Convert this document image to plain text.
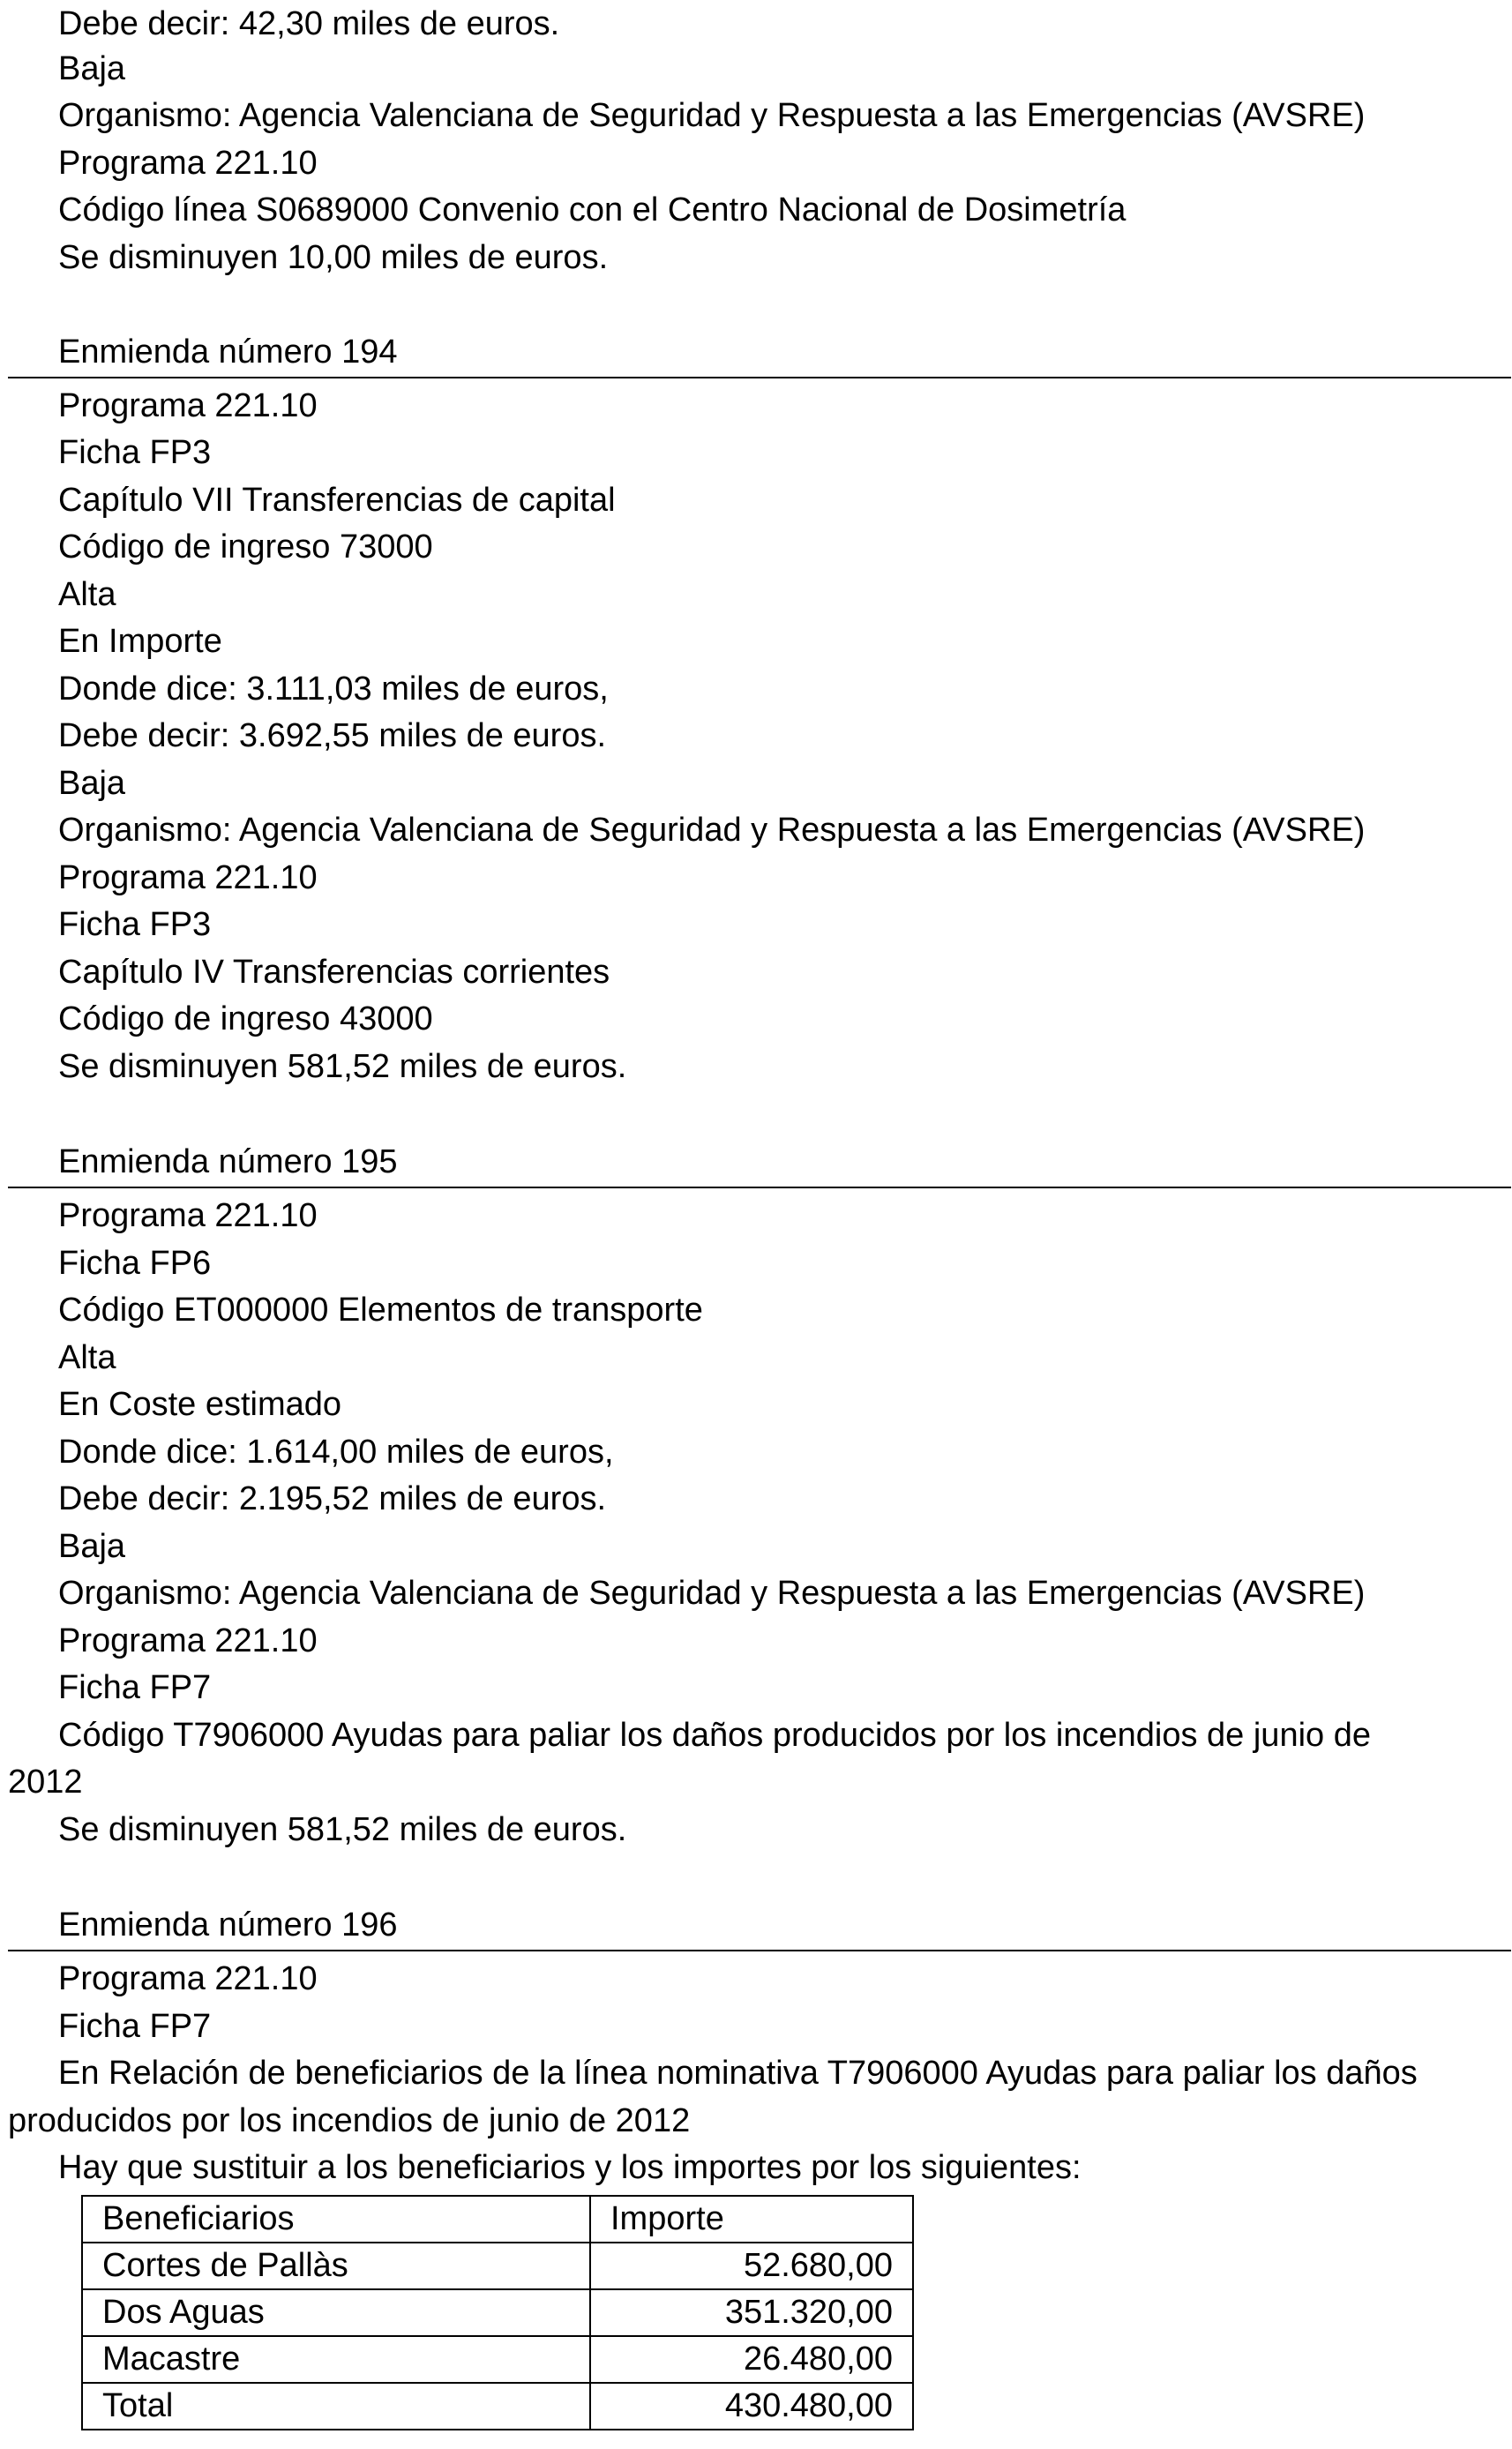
Debe decir: 42,30 miles de euros.
Baja
Organismo: Agencia Valenciana de Seguridad y Respuesta a las Emergencias (AVSRE)
Programa 221.10
Código línea S0689000 Convenio con el Centro Nacional de Dosimetría
Se disminuyen 10,00 miles de euros.
Enmienda número 194
Programa 221.10
Ficha FP3
Capítulo VII Transferencias de capital
Código de ingreso 73000
Alta
En Importe
Donde dice: 3.111,03 miles de euros,
Debe decir: 3.692,55 miles de euros.
Baja
Organismo: Agencia Valenciana de Seguridad y Respuesta a las Emergencias (AVSRE)
Programa 221.10
Ficha FP3
Capítulo IV Transferencias corrientes
Código de ingreso 43000
Se disminuyen 581,52 miles de euros.
Enmienda número 195
Programa 221.10
Ficha FP6
Código ET000000 Elementos de transporte
Alta
En Coste estimado
Donde dice: 1.614,00 miles de euros,
Debe decir: 2.195,52 miles de euros.
Baja
Organismo: Agencia Valenciana de Seguridad y Respuesta a las Emergencias (AVSRE)
Programa 221.10
Ficha FP7
Código T7906000 Ayudas para paliar los daños producidos por los incendios de junio de
2012
Se disminuyen 581,52 miles de euros.
Enmienda número 196
Programa 221.10
Ficha FP7
En Relación de beneficiarios de la línea nominativa T7906000 Ayudas para paliar los daños
producidos por los incendios de junio de 2012
Hay que sustituir a los beneficiarios y los importes por los siguientes:
Beneficiarios	Importe
Cortes de Pallàs	52.680,00
Dos Aguas	351.320,00
Macastre	26.480,00
Total	430.480,00
